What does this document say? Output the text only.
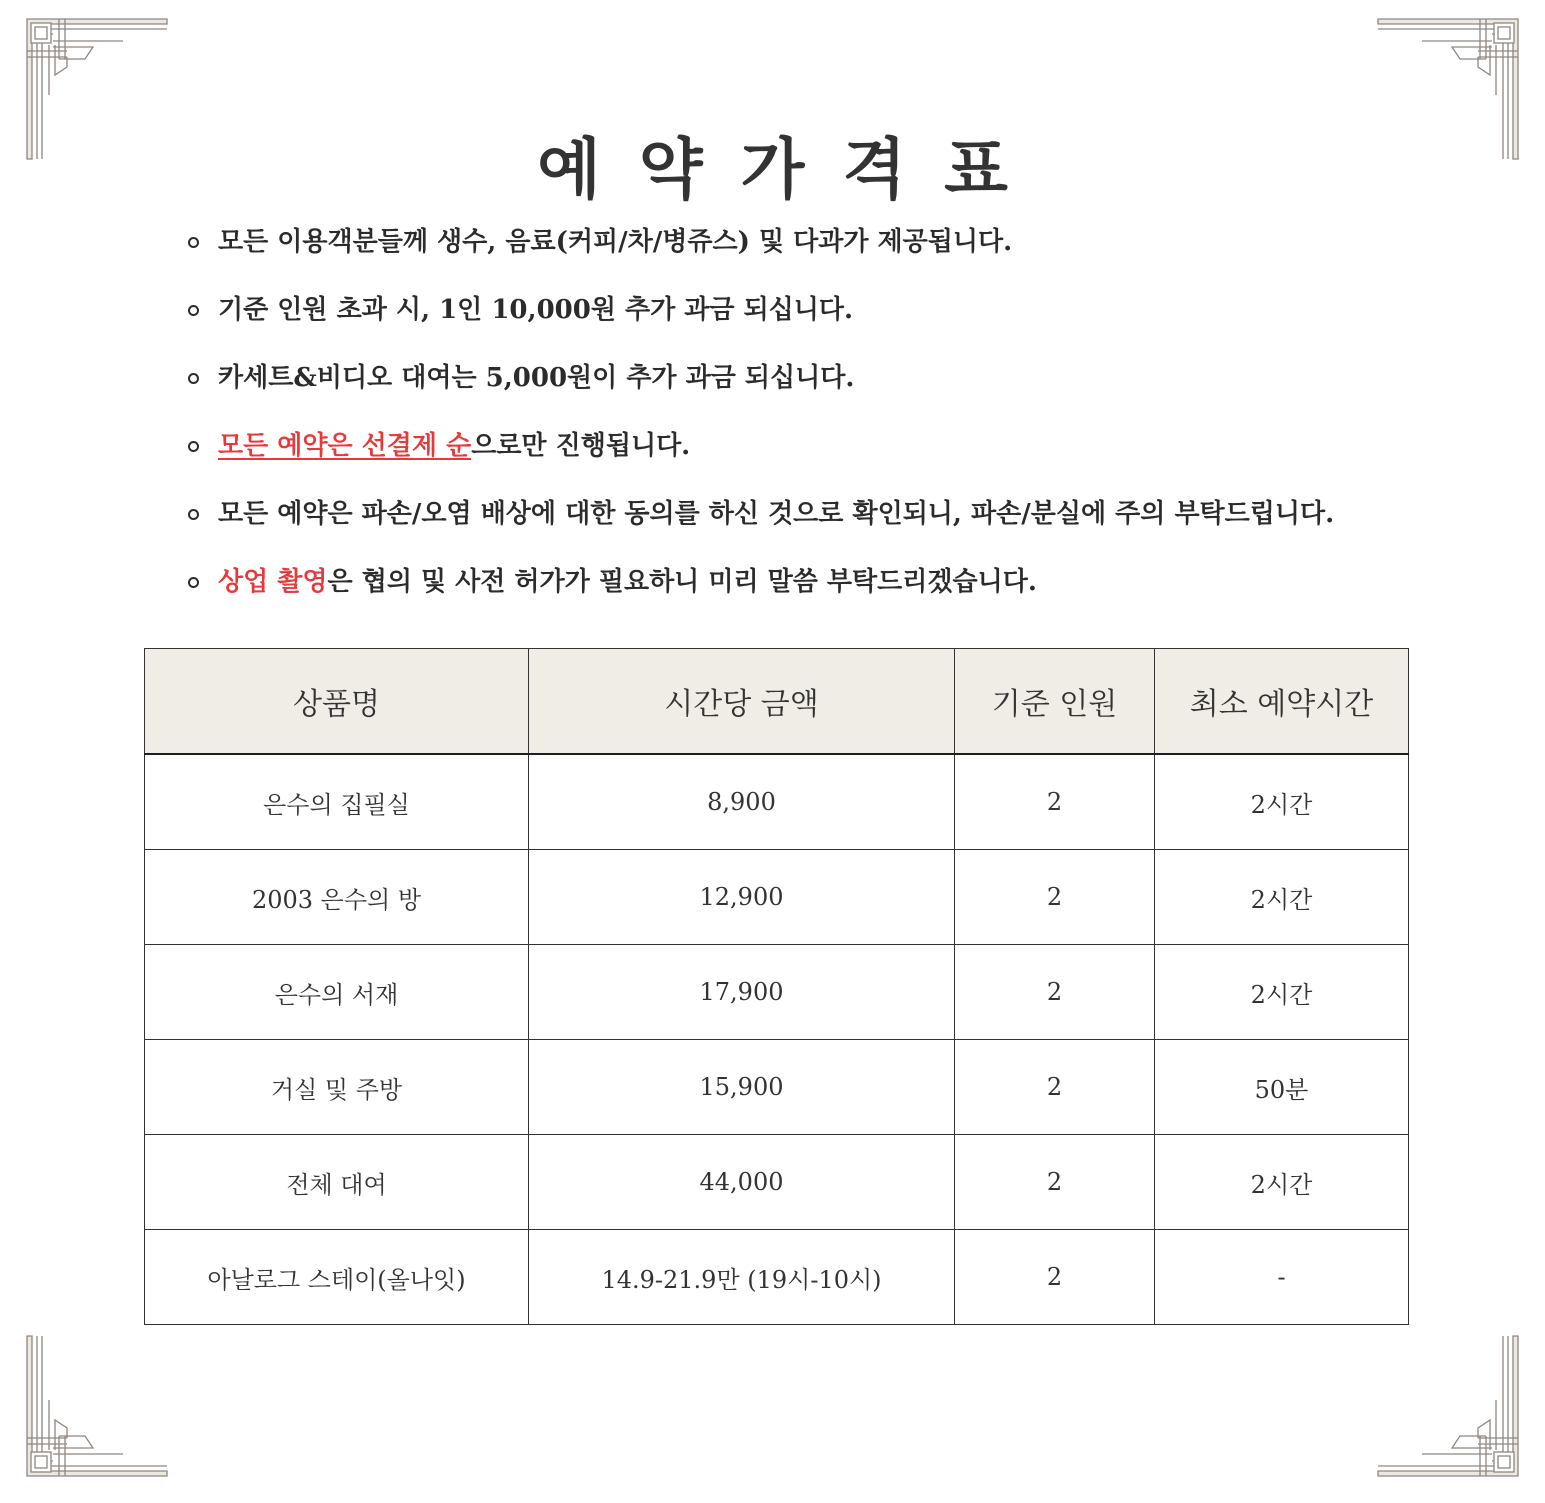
예약가격표
모든 이용객분들께 생수, 음료(커피/차/병쥬스) 및 다과가 제공됩니다.
기준 인원 초과 시, 1인 10,000원 추가 과금 되십니다.
카세트&비디오 대여는 5,000원이 추가 과금 되십니다.
모든 예약은 선결제 순으로만 진행됩니다.
모든 예약은 파손/오염 배상에 대한 동의를 하신 것으로 확인되니, 파손/분실에 주의 부탁드립니다.
상업 촬영은 협의 및 사전 허가가 필요하니 미리 말씀 부탁드리겠습니다.
상품명	시간당 금액	기준 인원	최소 예약시간
은수의 집필실	8,900	2	2시간
2003 은수의 방	12,900	2	2시간
은수의 서재	17,900	2	2시간
거실 및 주방	15,900	2	50분
전체 대여	44,000	2	2시간
아날로그 스테이(올나잇)	14.9-21.9만 (19시-10시)	2	-
